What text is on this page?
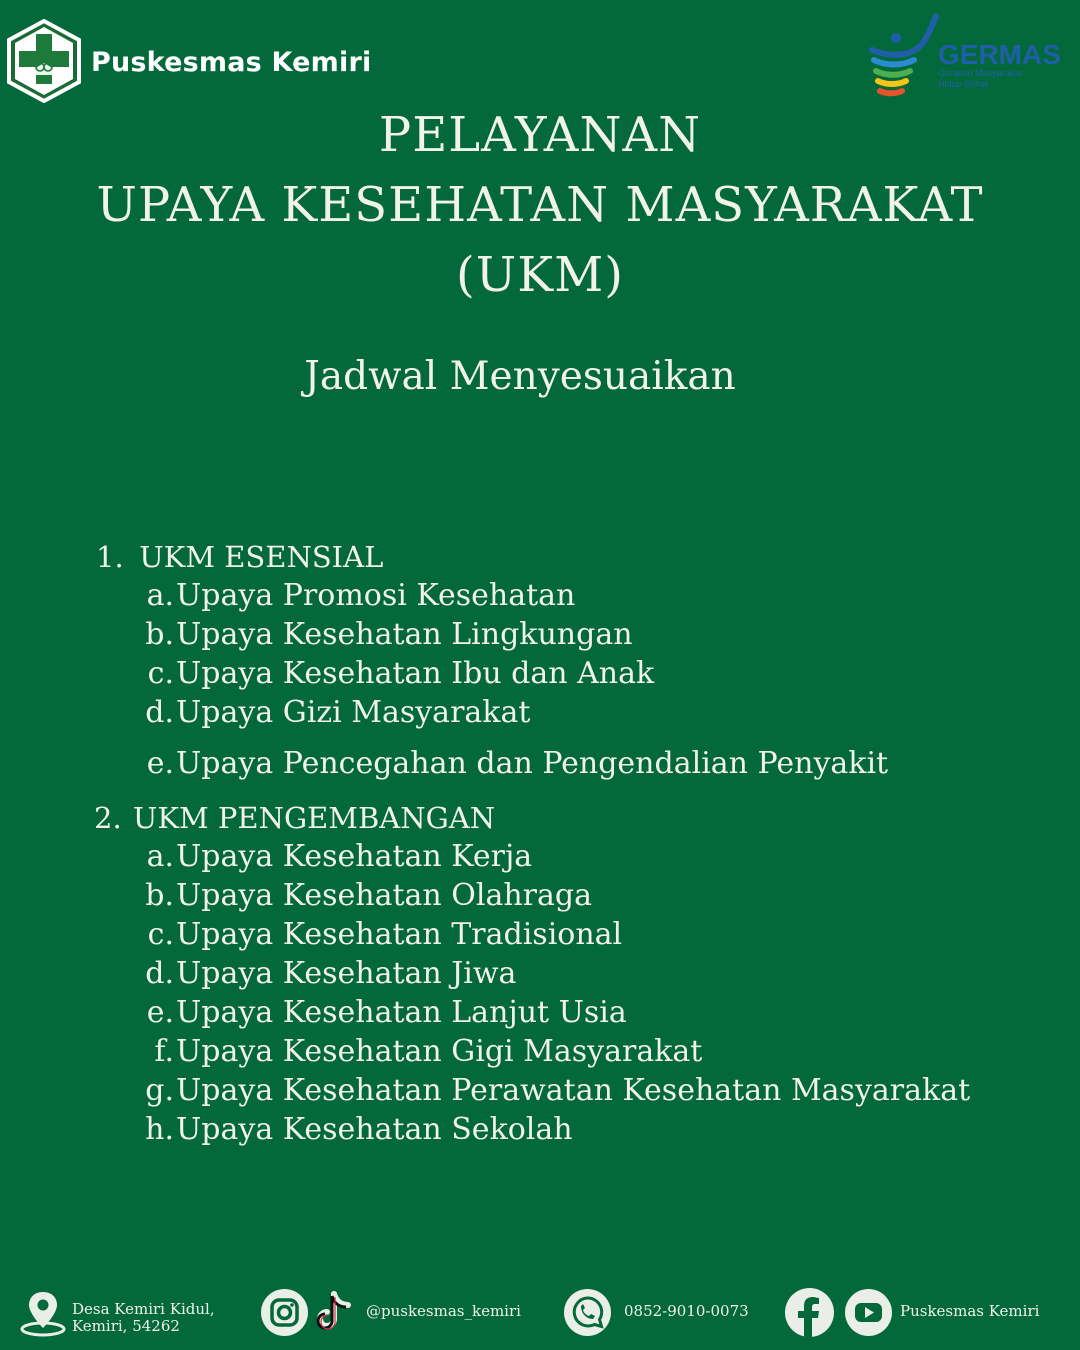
Puskesmas Kemiri	GERMAS
Gerakan Masyarakat
Hidup Sehat
PELAYANAN
UPAYA KESEHATAN MASYARAKAT
(UKM)
Jadwal Menyesuaikan
1. UKM ESENSIAL
a.Upaya Promosi Kesehatan
b.Upaya Kesehatan Lingkungan
c.Upaya Kesehatan Ibu dan Anak
d.Upaya Gizi Masyarakat
e.Upaya Pencegahan dan Pengendalian Penyakit
2. UKM PENGEMBANGAN
a.Upaya Kesehatan Kerja
b.Upaya Kesehatan Olahraga
c.Upaya Kesehatan Tradisional
d.Upaya Kesehatan Jiwa
e.Upaya Kesehatan Lanjut Usia
f.Upaya Kesehatan Gigi Masyarakat
g.Upaya Kesehatan Perawatan Kesehatan Masyarakat
h.Upaya Kesehatan Sekolah
Desa Kemiri Kidul,
Kemiri, 54262
@puskesmas_kemiri	0852-9010-0073	Puskesmas Kemiri
